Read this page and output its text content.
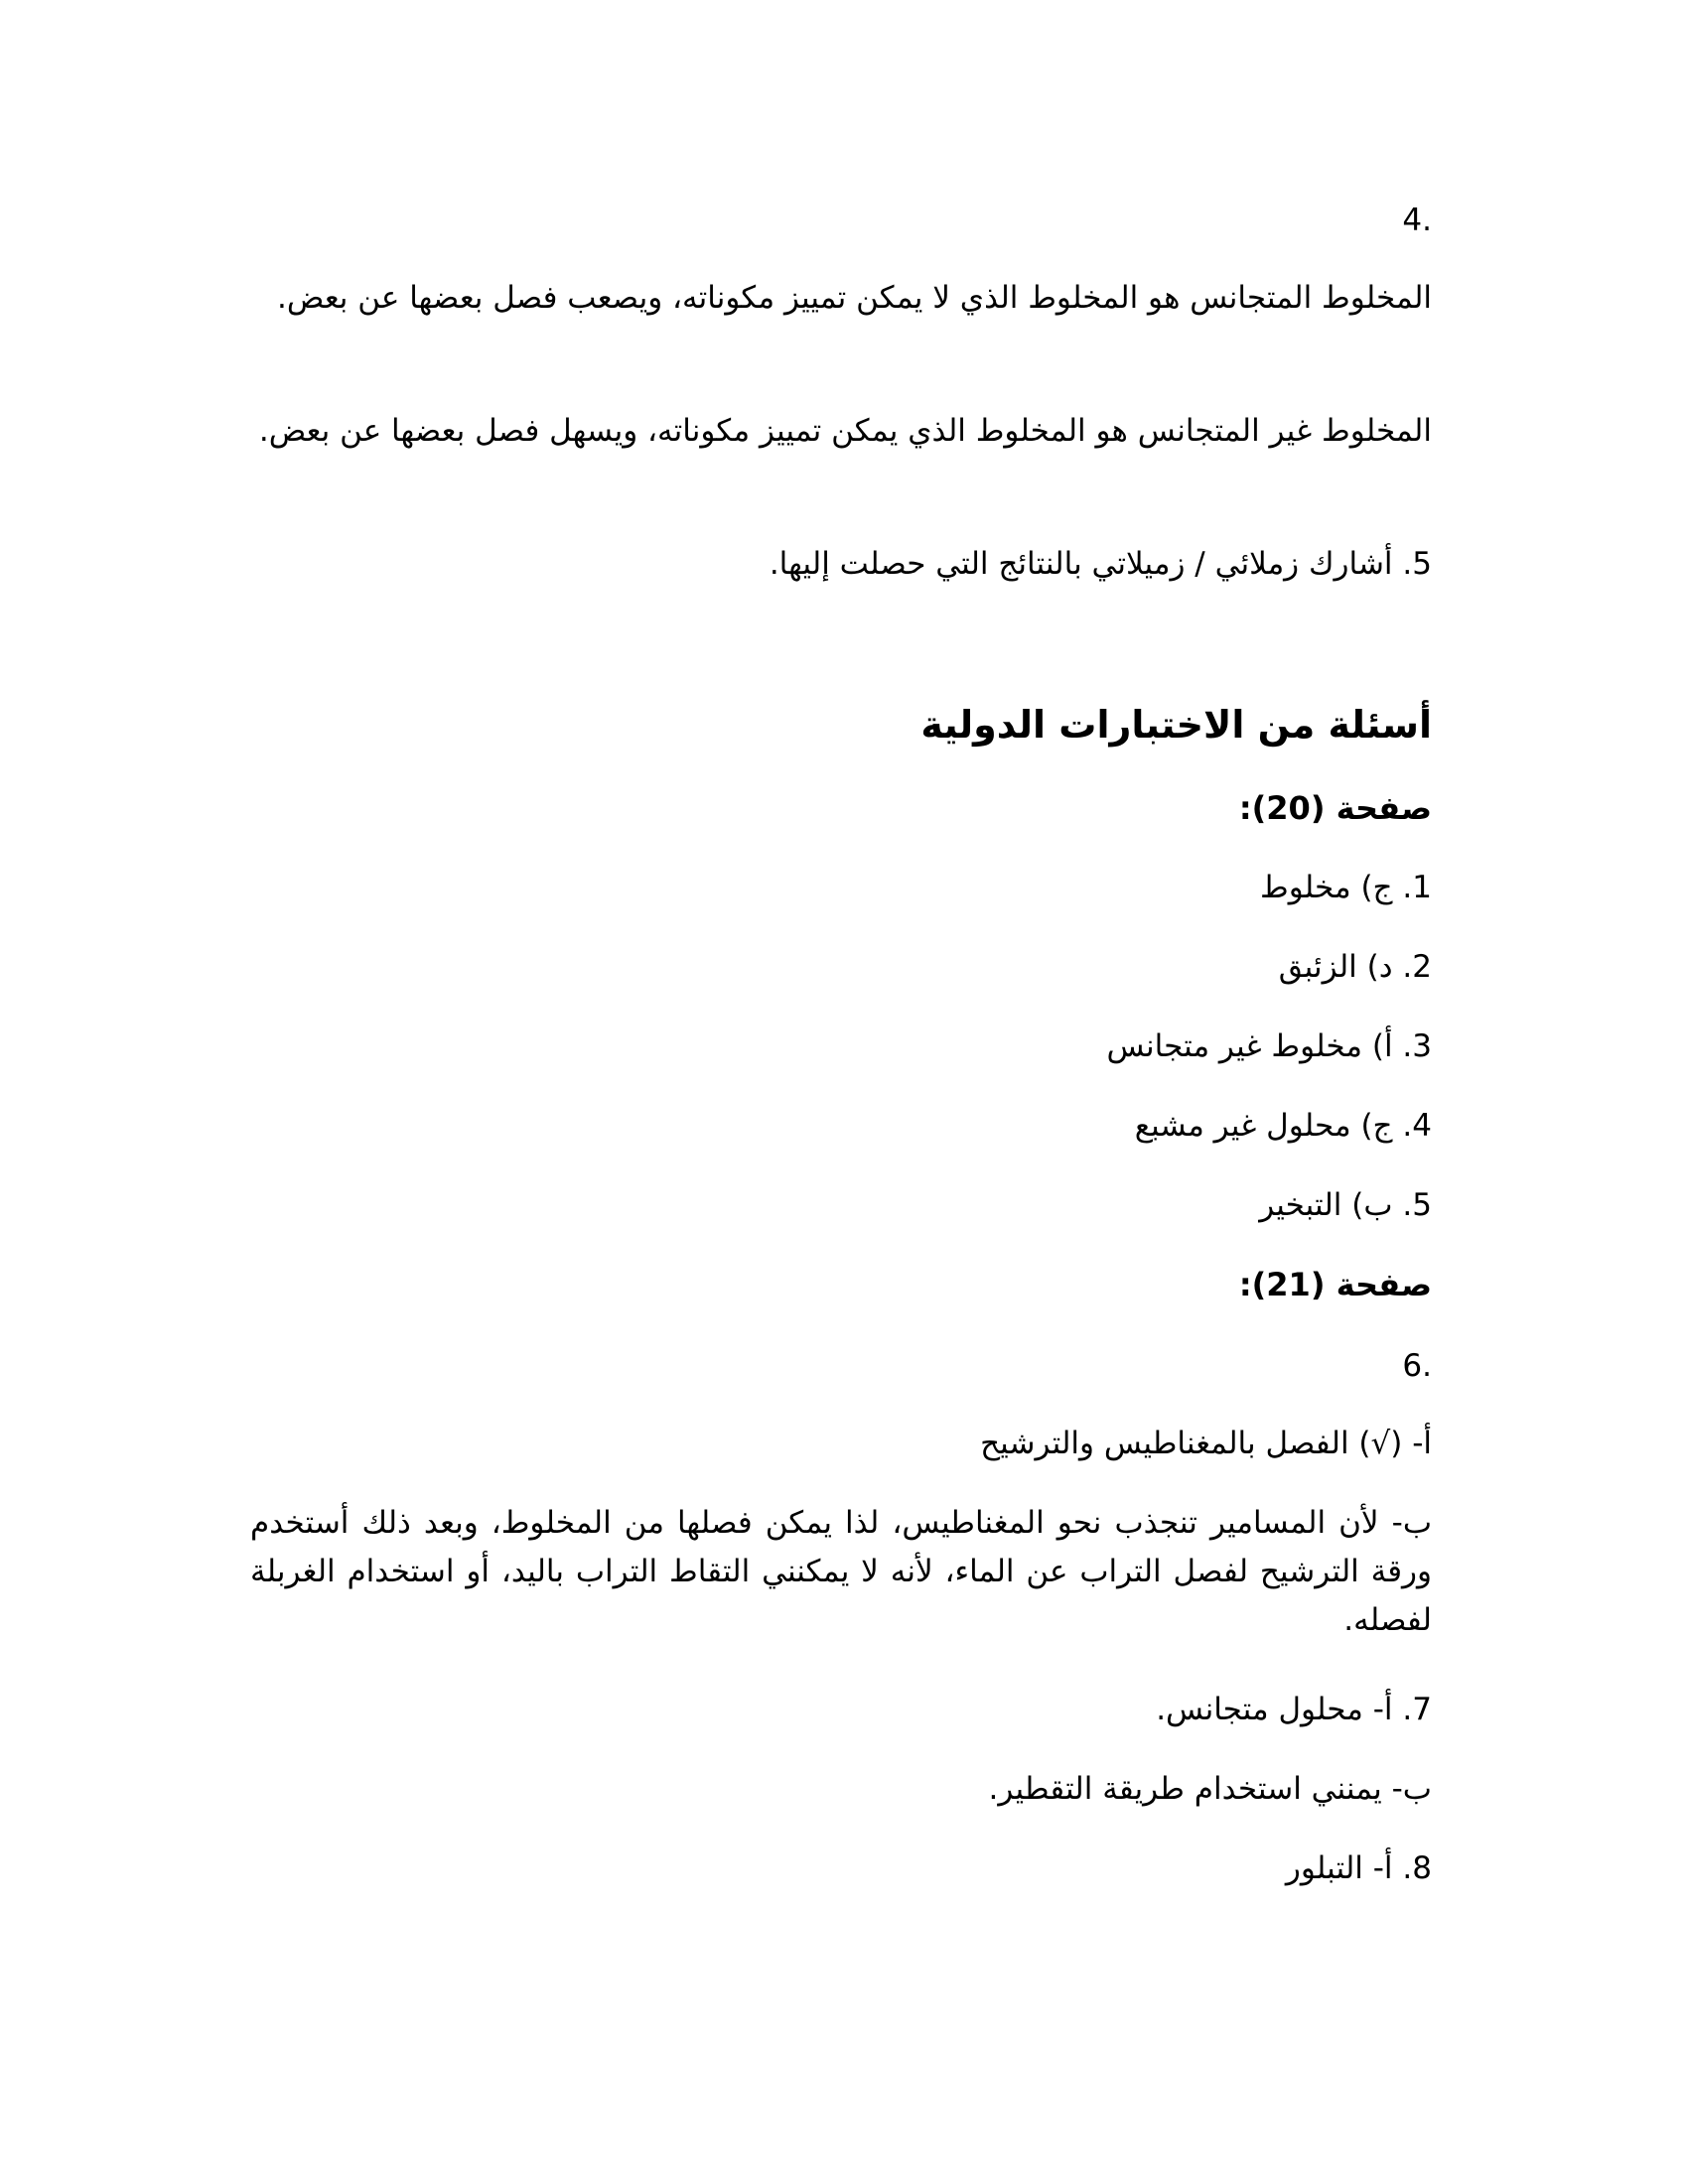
.4
المخلوط المتجانس هو المخلوط الذي لا يمكن تمييز مكوناته، ويصعب فصل بعضها عن بعض.
المخلوط غير المتجانس هو المخلوط الذي يمكن تمييز مكوناته، ويسهل فصل بعضها عن بعض.
5. أشارك زملائي / زميلاتي بالنتائج التي حصلت إليها.
أسئلة من الاختبارات الدولية
صفحة (20):
1. ج) مخلوط
2. د) الزئبق
3. أ) مخلوط غير متجانس
4. ج) محلول غير مشبع
5. ب) التبخير
صفحة (21):
.6
أ- (√) الفصل بالمغناطيس والترشيح
ب- لأن المسامير تنجذب نحو المغناطيس، لذا يمكن فصلها من المخلوط، وبعد ذلك أستخدم ورقة الترشيح لفصل التراب عن الماء، لأنه لا يمكنني التقاط التراب باليد، أو استخدام الغربلة لفصله.
7. أ- محلول متجانس.
ب- يمنني استخدام طريقة التقطير.
8. أ- التبلور
